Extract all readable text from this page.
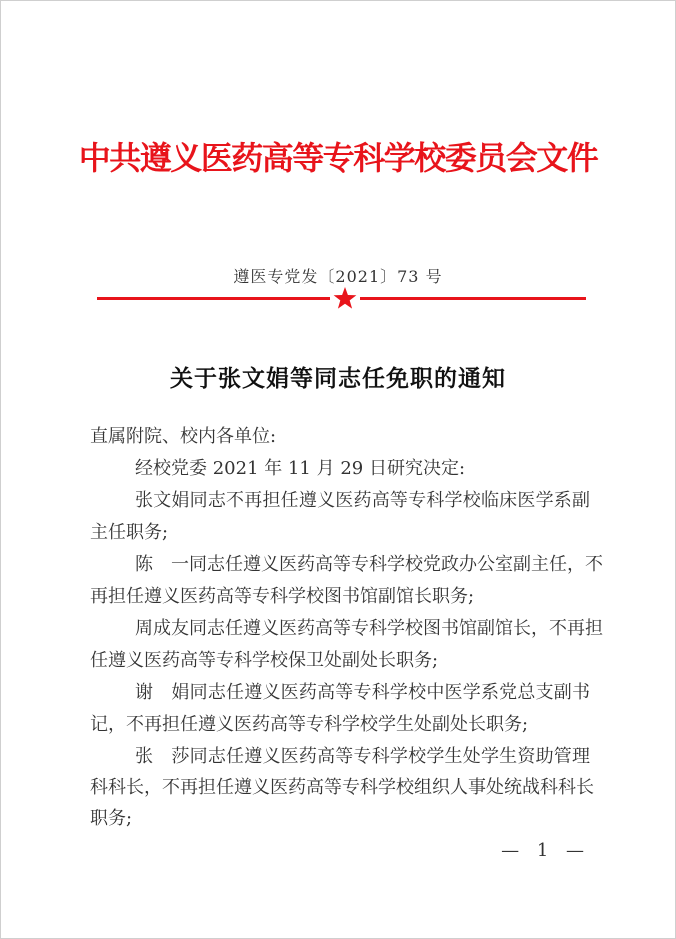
中共遵义医药高等专科学校委员会文件
遵医专党发〔2021〕73 号
关于张文娟等同志任免职的通知
直属附院、校内各单位:
经校党委 2021 年 11 月 29 日研究决定:
张文娟同志不再担任遵义医药高等专科学校临床医学系副
主任职务;
陈　一同志任遵义医药高等专科学校党政办公室副主任，不
再担任遵义医药高等专科学校图书馆副馆长职务;
周成友同志任遵义医药高等专科学校图书馆副馆长，不再担
任遵义医药高等专科学校保卫处副处长职务;
谢　娟同志任遵义医药高等专科学校中医学系党总支副书
记，不再担任遵义医药高等专科学校学生处副处长职务;
张　莎同志任遵义医药高等专科学校学生处学生资助管理
科科长，不再担任遵义医药高等专科学校组织人事处统战科科长
职务;
— 1 —
